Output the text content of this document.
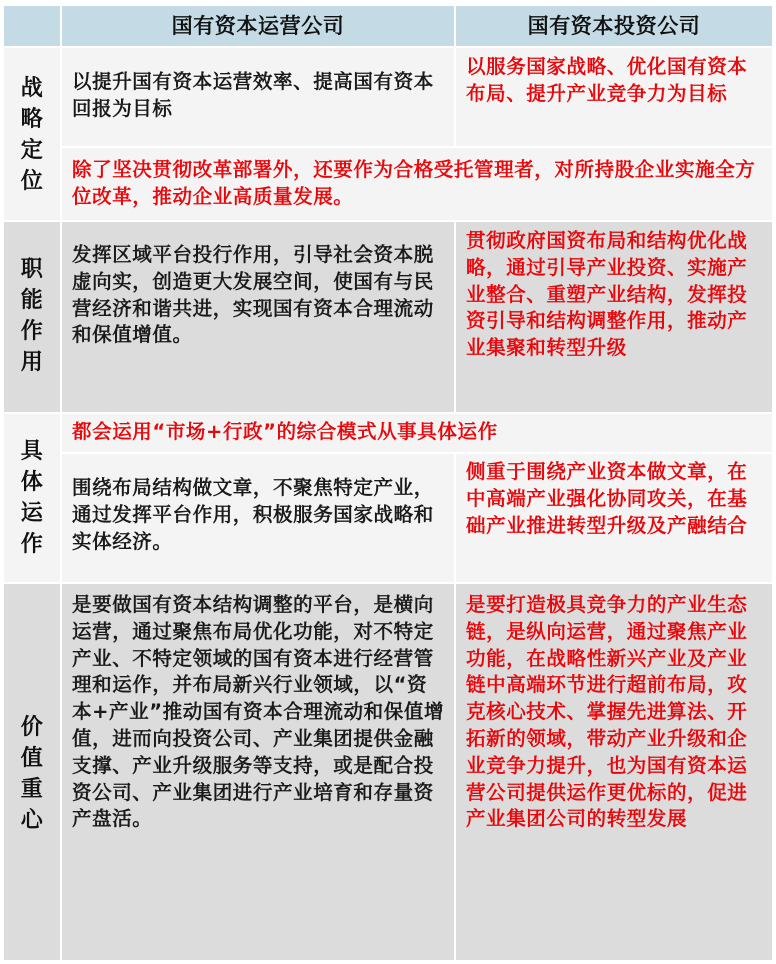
国有资本运营公司	国有资本投资公司
战
略
定
位
以提升国有资本运营效率、提高国有资本回报为目标
以服务国家战略、优化国有资本布局、提升产业竞争力为目标
除了坚决贯彻改革部署外，还要作为合格受托管理者，对所持股企业实施全方位改革，推动企业高质量发展。
职
能
作
用
发挥区域平台投行作用，引导社会资本脱虚向实，创造更大发展空间，使国有与民营经济和谐共进，实现国有资本合理流动和保值增值。
贯彻政府国资布局和结构优化战略，通过引导产业投资、实施产业整合、重塑产业结构，发挥投资引导和结构调整作用，推动产业集聚和转型升级
具
体
运
作
都会运用“市场+行政”的综合模式从事具体运作
围绕布局结构做文章，不聚焦特定产业，通过发挥平台作用，积极服务国家战略和实体经济。
侧重于围绕产业资本做文章，在中高端产业强化协同攻关，在基础产业推进转型升级及产融结合
价
值
重
心
是要做国有资本结构调整的平台，是横向运营，通过聚焦布局优化功能，对不特定产业、不特定领域的国有资本进行经营管理和运作，并布局新兴行业领域，以“资本+产业”推动国有资本合理流动和保值增值，进而向投资公司、产业集团提供金融支撑、产业升级服务等支持，或是配合投资公司、产业集团进行产业培育和存量资产盘活。
是要打造极具竞争力的产业生态链，是纵向运营，通过聚焦产业功能，在战略性新兴产业及产业链中高端环节进行超前布局，攻克核心技术、掌握先进算法、开拓新的领域，带动产业升级和企业竞争力提升，也为国有资本运营公司提供运作更优标的，促进产业集团公司的转型发展
